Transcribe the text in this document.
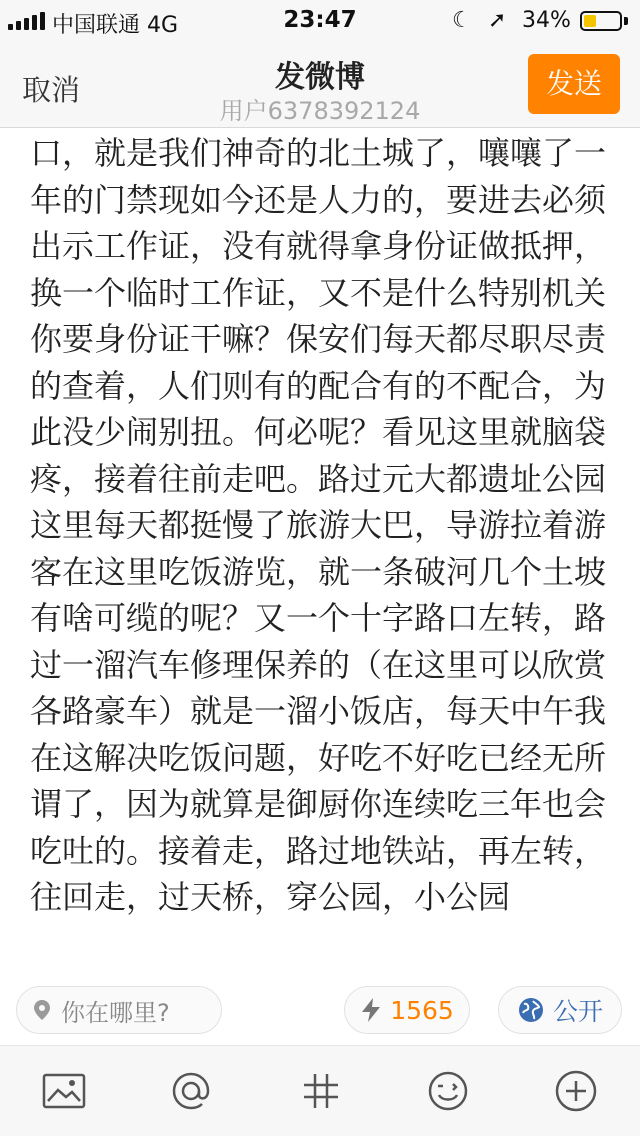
中国联通 4G	23:47	☾ ➚ 34%
取消	发微博
用户6378392124
发送
口，就是我们神奇的北土城了，嚷嚷了一年的门禁现如今还是人力的，要进去必须出示工作证，没有就得拿身份证做抵押，换一个临时工作证，又不是什么特别机关你要身份证干嘛？保安们每天都尽职尽责的查着，人们则有的配合有的不配合，为此没少闹别扭。何必呢？看见这里就脑袋疼，接着往前走吧。路过元大都遗址公园这里每天都挺慢了旅游大巴，导游拉着游客在这里吃饭游览，就一条破河几个土坡有啥可缆的呢？又一个十字路口左转，路过一溜汽车修理保养的（在这里可以欣赏各路豪车）就是一溜小饭店，每天中午我在这解决吃饭问题，好吃不好吃已经无所谓了，因为就算是御厨你连续吃三年也会吃吐的。接着走，路过地铁站，再左转，往回走，过天桥，穿公园，小公园
你在哪里?	1565	公开
